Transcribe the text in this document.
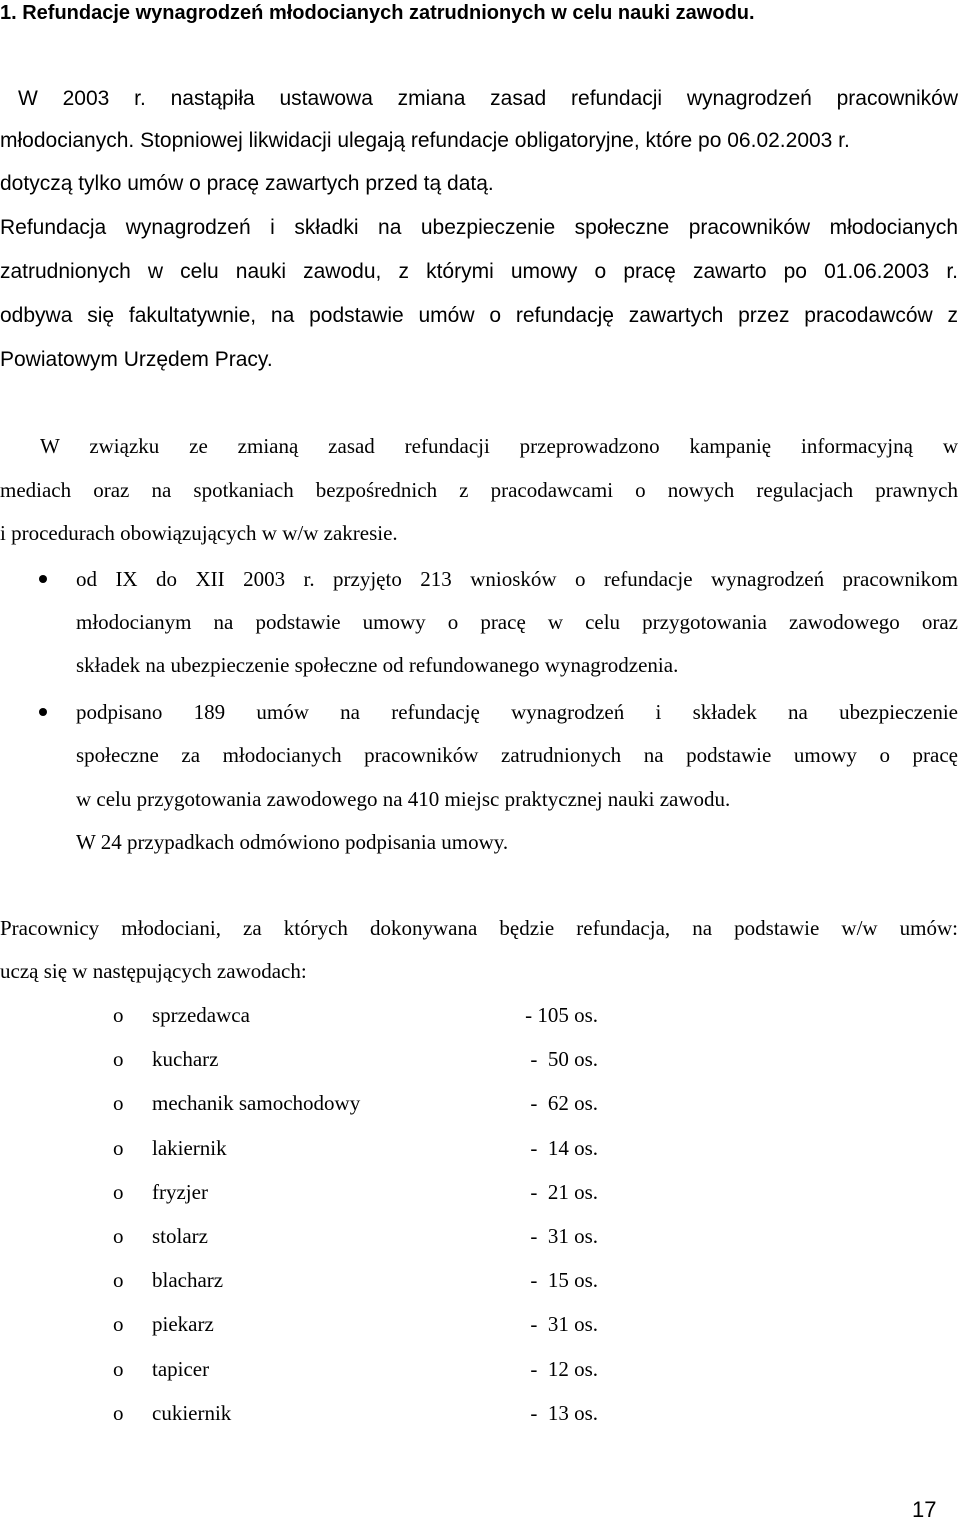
1. Refundacje wynagrodzeń młodocianych zatrudnionych w celu nauki zawodu.
W 2003 r. nastąpiła ustawowa zmiana zasad refundacji wynagrodzeń pracowników
młodocianych. Stopniowej likwidacji ulegają refundacje obligatoryjne, które po 06.02.2003 r.
dotyczą tylko umów o pracę zawartych przed tą datą.
Refundacja wynagrodzeń i składki na ubezpieczenie społeczne pracowników młodocianych
zatrudnionych w celu nauki zawodu, z którymi umowy o pracę zawarto po 01.06.2003 r.
odbywa się fakultatywnie, na podstawie umów o refundację zawartych przez pracodawców z
Powiatowym Urzędem Pracy.
W związku ze zmianą zasad refundacji przeprowadzono kampanię informacyjną w
mediach oraz na spotkaniach bezpośrednich z pracodawcami o nowych regulacjach prawnych
i procedurach obowiązujących w w/w zakresie.
od IX do XII 2003 r. przyjęto 213 wniosków o refundacje wynagrodzeń pracownikom
młodocianym na podstawie umowy o pracę w celu przygotowania zawodowego oraz
składek na ubezpieczenie społeczne od refundowanego wynagrodzenia.
podpisano 189 umów na refundację wynagrodzeń i składek na ubezpieczenie
społeczne za młodocianych pracowników zatrudnionych na podstawie umowy o pracę
w celu przygotowania zawodowego na 410 miejsc praktycznej nauki zawodu.
W 24 przypadkach odmówiono podpisania umowy.
Pracownicy młodociani, za których dokonywana będzie refundacja, na podstawie w/w umów:
uczą się w następujących zawodach:
o sprzedawca	- 105 os.
o kucharz	-  50 os.
o mechanik samochodowy	-  62 os.
o lakiernik	-  14 os.
o fryzjer	-  21 os.
o stolarz	-  31 os.
o blacharz	-  15 os.
o piekarz	-  31 os.
o tapicer	-  12 os.
o cukiernik	-  13 os.
17
